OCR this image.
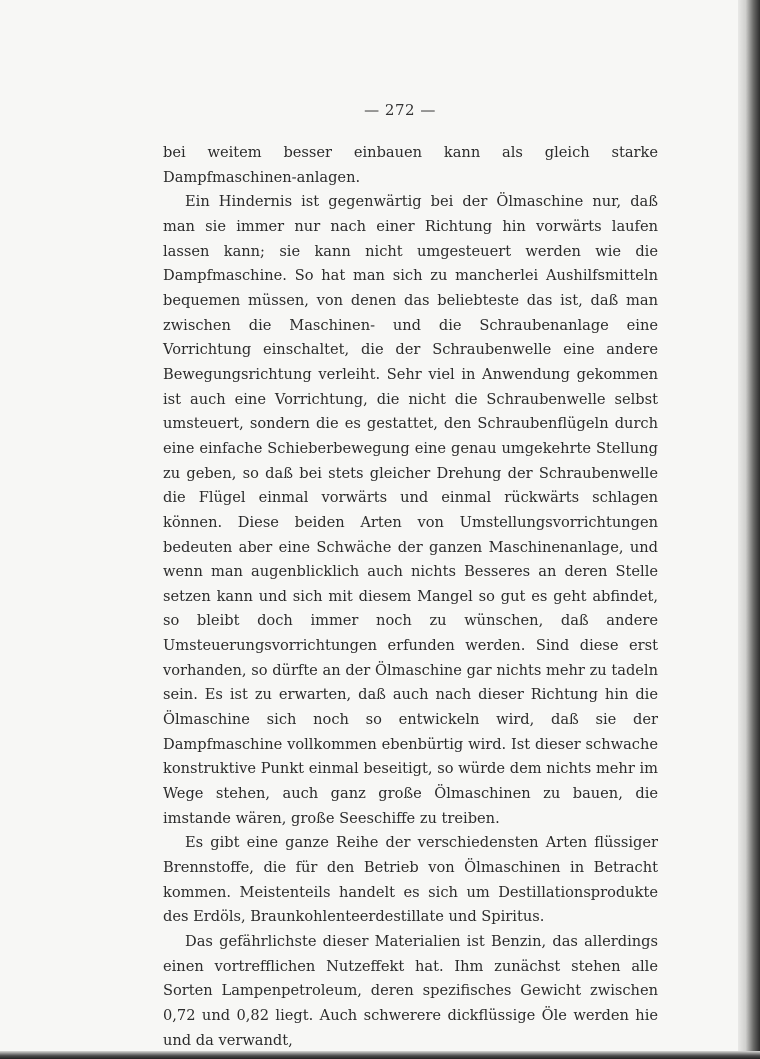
— 272 —

bei weitem besser einbauen kann als gleich starke Dampfmaschinen-anlagen.

Ein Hindernis ist gegenwärtig bei der Ölmaschine nur, daß man sie immer nur nach einer Richtung hin vorwärts laufen lassen kann; sie kann nicht umgesteuert werden wie die Dampfmaschine. So hat man sich zu mancherlei Aushilfsmitteln bequemen müssen, von denen das beliebteste das ist, daß man zwischen die Maschinen- und die Schraubenanlage eine Vorrichtung einschaltet, die der Schraubenwelle eine andere Bewegungsrichtung verleiht. Sehr viel in Anwendung gekommen ist auch eine Vorrichtung, die nicht die Schraubenwelle selbst umsteuert, sondern die es gestattet, den Schraubenflügeln durch eine einfache Schieberbewegung eine genau umgekehrte Stellung zu geben, so daß bei stets gleicher Drehung der Schraubenwelle die Flügel einmal vorwärts und einmal rückwärts schlagen können. Diese beiden Arten von Umstellungsvorrichtungen bedeuten aber eine Schwäche der ganzen Maschinenanlage, und wenn man augenblicklich auch nichts Besseres an deren Stelle setzen kann und sich mit diesem Mangel so gut es geht abfindet, so bleibt doch immer noch zu wünschen, daß andere Umsteuerungsvorrichtungen erfunden werden. Sind diese erst vorhanden, so dürfte an der Ölmaschine gar nichts mehr zu tadeln sein. Es ist zu erwarten, daß auch nach dieser Richtung hin die Ölmaschine sich noch so entwickeln wird, daß sie der Dampfmaschine vollkommen ebenbürtig wird. Ist dieser schwache konstruktive Punkt einmal beseitigt, so würde dem nichts mehr im Wege stehen, auch ganz große Ölmaschinen zu bauen, die imstande wären, große Seeschiffe zu treiben.

Es gibt eine ganze Reihe der verschiedensten Arten flüssiger Brennstoffe, die für den Betrieb von Ölmaschinen in Betracht kommen. Meistenteils handelt es sich um Destillationsprodukte des Erdöls, Braunkohlenteerdestillate und Spiritus.

Das gefährlichste dieser Materialien ist Benzin, das allerdings einen vortrefflichen Nutzeffekt hat. Ihm zunächst stehen alle Sorten Lampenpetroleum, deren spezifisches Gewicht zwischen 0,72 und 0,82 liegt. Auch schwerere dickflüssige Öle werden hie und da verwandt,
